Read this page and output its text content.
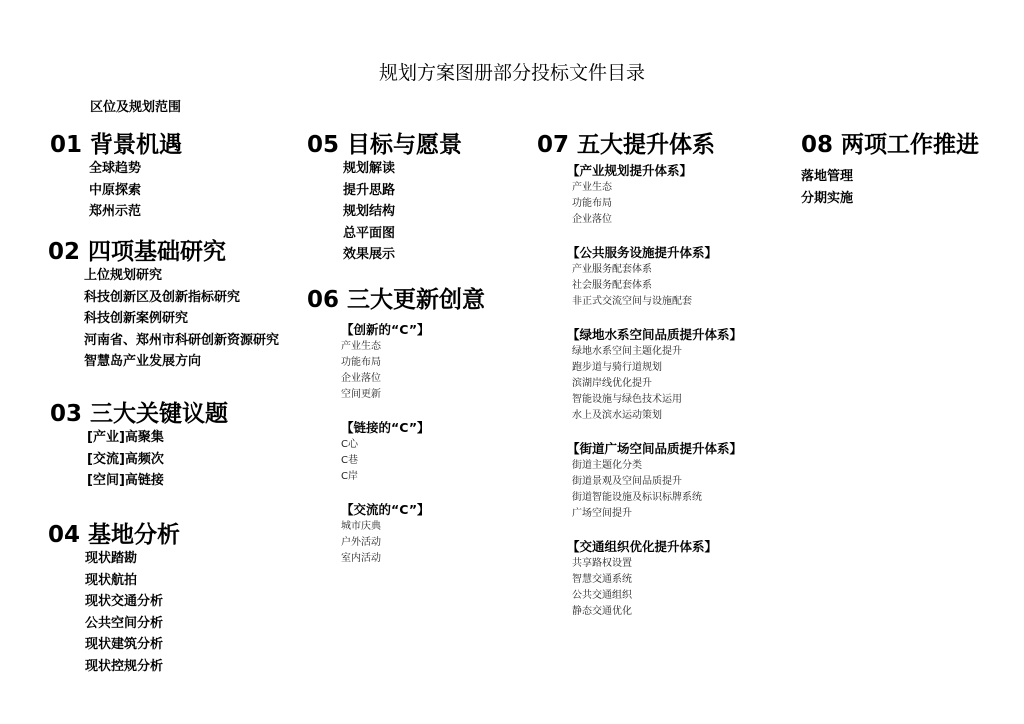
规划方案图册部分投标文件目录
区位及规划范围
01 背景机遇
全球趋势
中原探索
郑州示范
02 四项基础研究
上位规划研究
科技创新区及创新指标研究
科技创新案例研究
河南省、郑州市科研创新资源研究
智慧岛产业发展方向
03 三大关键议题
[产业]高聚集
[交流]高频次
[空间]高链接
04 基地分析
现状踏勘
现状航拍
现状交通分析
公共空间分析
现状建筑分析
现状控规分析
05 目标与愿景
规划解读
提升思路
规划结构
总平面图
效果展示
06 三大更新创意
【创新的“C”】
产业生态
功能布局
企业落位
空间更新
【链接的“C”】
C心
C巷
C岸
【交流的“C”】
城市庆典
户外活动
室内活动
07 五大提升体系
【产业规划提升体系】
产业生态
功能布局
企业落位
【公共服务设施提升体系】
产业服务配套体系
社会服务配套体系
非正式交流空间与设施配套
【绿地水系空间品质提升体系】
绿地水系空间主题化提升
跑步道与骑行道规划
滨湖岸线优化提升
智能设施与绿色技术运用
水上及滨水运动策划
【街道广场空间品质提升体系】
街道主题化分类
街道景观及空间品质提升
街道智能设施及标识标牌系统
广场空间提升
【交通组织优化提升体系】
共享路权设置
智慧交通系统
公共交通组织
静态交通优化
08 两项工作推进
落地管理
分期实施
